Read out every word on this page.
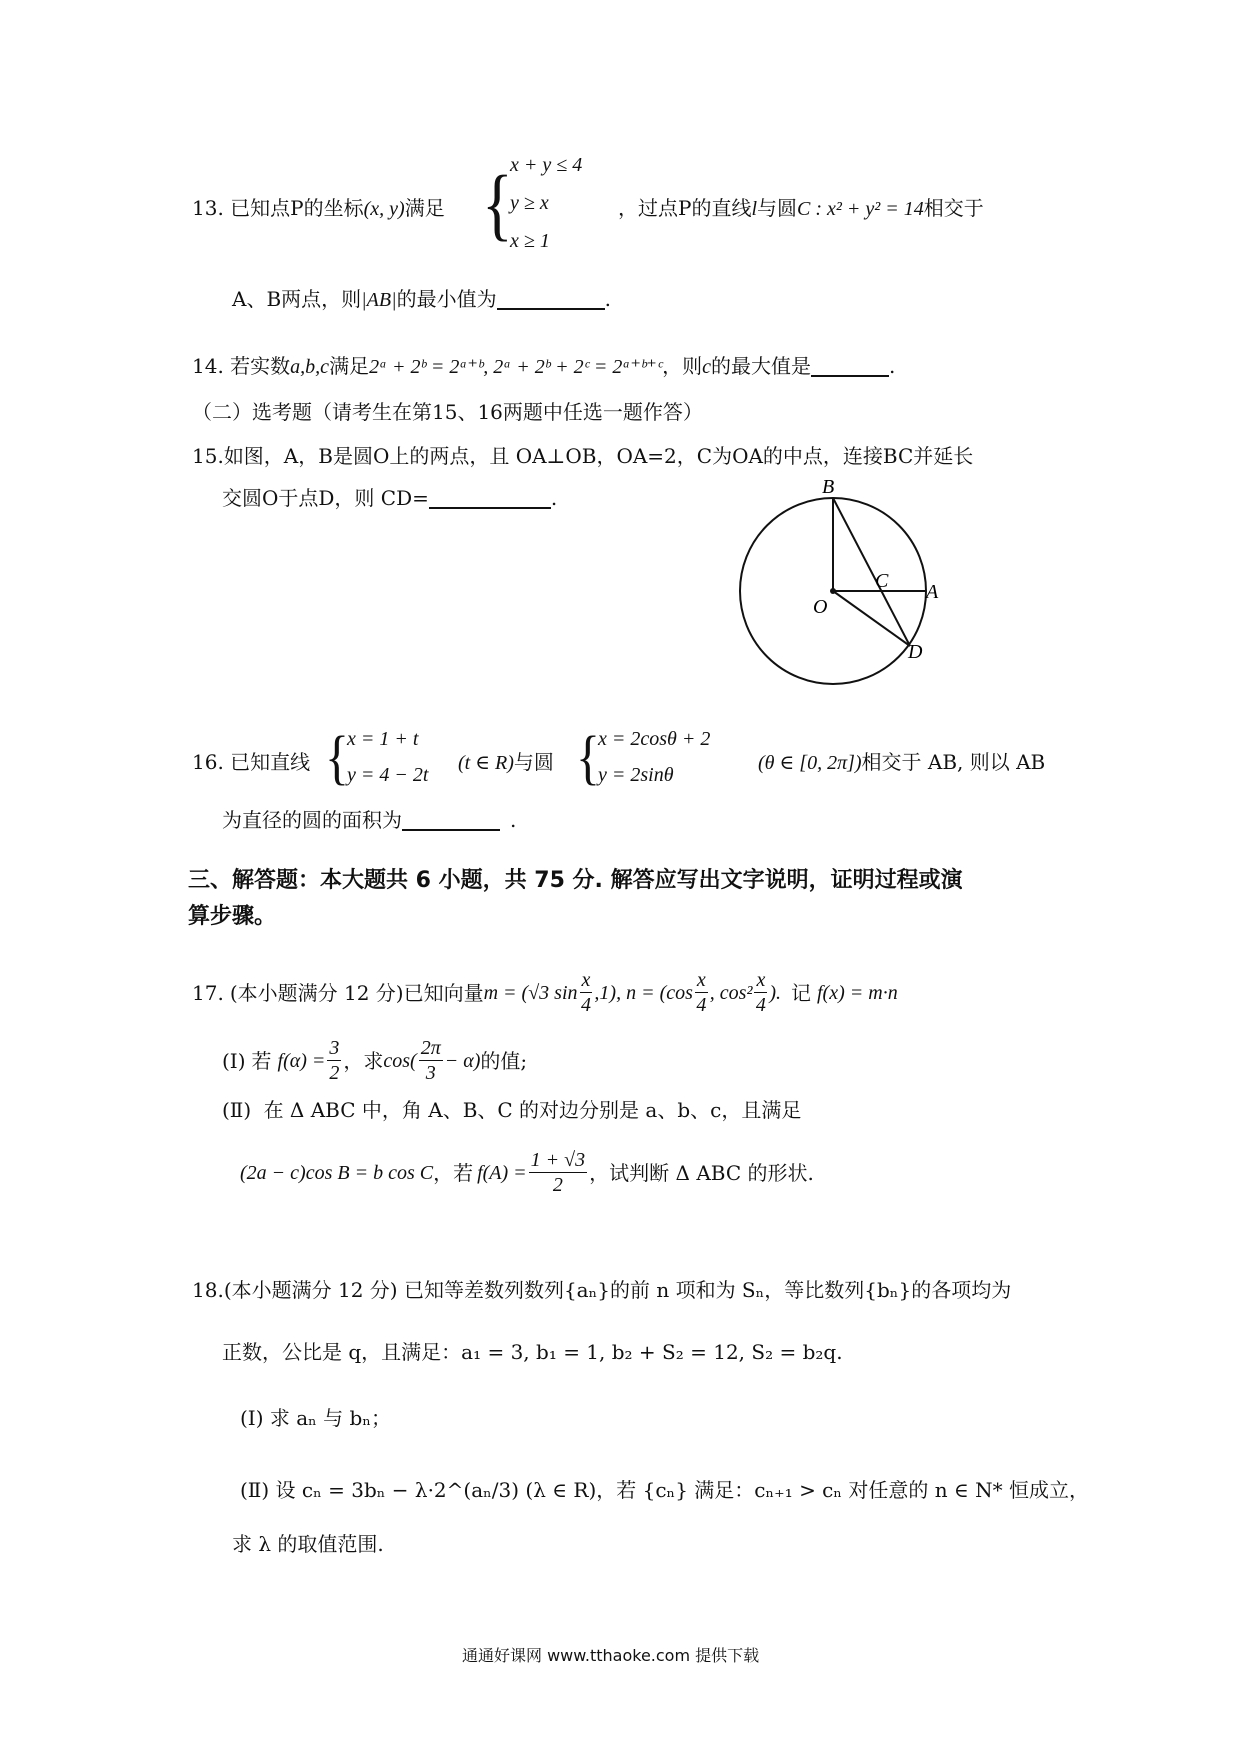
13. 已知点P的坐标(x, y)满足 {
x + y ≤ 4
y ≥ x
x ≥ 1
，过点P的直线l与圆C : x² + y² = 14相交于
A、B两点，则|AB|的最小值为	.
14. 若实数a,b,c满足2ᵃ + 2ᵇ = 2ᵃ⁺ᵇ, 2ᵃ + 2ᵇ + 2ᶜ = 2ᵃ⁺ᵇ⁺ᶜ，则c的最大值是	.
（二）选考题（请考生在第15、16两题中任选一题作答）
15.如图，A，B是圆O上的两点，且 OA⊥OB，OA=2，C为OA的中点，连接BC并延长
交圆O于点D，则 CD=	.	B
C
O
A
D
16. 已知直线 {
x = 1 + t
y = 4 − 2t
(t ∈ R)与圆 {
x = 2cosθ + 2
y = 2sinθ
(θ ∈ [0, 2π])相交于 AB, 则以 AB
为直径的圆的面积为	.
三、解答题：本大题共 6 小题，共 75 分. 解答应写出文字说明，证明过程或演
算步骤。
17. (本小题满分 12 分) 已知向量 m = (√3 $\sin \frac{x}{4} ,1$), $n = (\cos \frac{x}{4}$ , $\cos^2 \frac{x}{4}$ ). 记 f(x) = m·n
(Ⅰ) 若 $f(\alpha) = \frac{3}{2}$ ，求 $\cos( \frac{2\pi}{3} - \alpha)$ 的值;
(Ⅱ) 在 Δ ABC 中，角 A、B、C 的对边分别是 a、b、c，且满足
(2a − c)cos B = b cos C ，若 $f(A) = \frac{1 + √3}{2}$ ，试判断 Δ ABC 的形状.
18.(本小题满分 12 分) 已知等差数列数列{aₙ}的前 n 项和为 Sₙ，等比数列{bₙ}的各项均为
正数，公比是 q，且满足：a₁ = 3, b₁ = 1, b₂ + S₂ = 12, S₂ = b₂q.
(Ⅰ) 求 aₙ 与 bₙ；
(Ⅱ) 设 cₙ = 3bₙ − λ·2^(aₙ/3) (λ ∈ R)，若 {cₙ} 满足：cₙ₊₁ > cₙ 对任意的 n ∈ N* 恒成立，
求 λ 的取值范围.
通通好课网 www.tthaoke.com 提供下载
